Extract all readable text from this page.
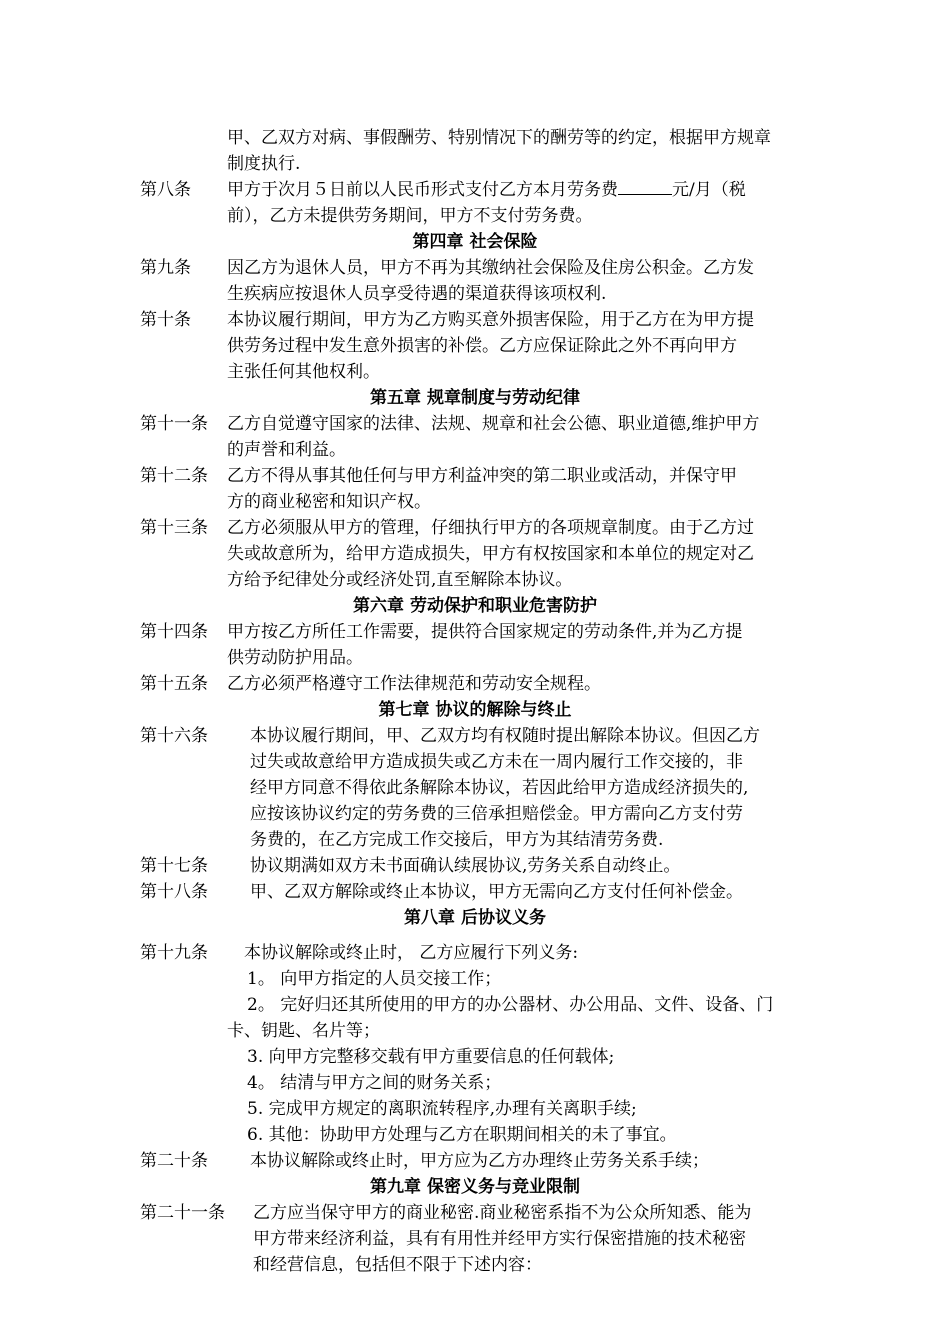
甲、乙双方对病、事假酬劳、特别情况下的酬劳等的约定，根据甲方规章
制度执行.
第八条 甲方于次月５日前以人民币形式支付乙方本月劳务费	元/月（税
前），乙方未提供劳务期间，甲方不支付劳务费。
第四章 社会保险
第九条 因乙方为退休人员，甲方不再为其缴纳社会保险及住房公积金。乙方发
生疾病应按退休人员享受待遇的渠道获得该项权利.
第十条 本协议履行期间，甲方为乙方购买意外损害保险，用于乙方在为甲方提
供劳务过程中发生意外损害的补偿。乙方应保证除此之外不再向甲方
主张任何其他权利。
第五章 规章制度与劳动纪律
第十一条 乙方自觉遵守国家的法律、法规、规章和社会公德、职业道德,维护甲方
的声誉和利益。
第十二条 乙方不得从事其他任何与甲方利益冲突的第二职业或活动，并保守甲
方的商业秘密和知识产权。
第十三条 乙方必须服从甲方的管理，仔细执行甲方的各项规章制度。由于乙方过
失或故意所为，给甲方造成损失，甲方有权按国家和本单位的规定对乙
方给予纪律处分或经济处罚,直至解除本协议。
第六章 劳动保护和职业危害防护
第十四条 甲方按乙方所任工作需要，提供符合国家规定的劳动条件,并为乙方提
供劳动防护用品。
第十五条 乙方必须严格遵守工作法律规范和劳动安全规程。
第七章 协议的解除与终止
第十六条 本协议履行期间，甲、乙双方均有权随时提出解除本协议。但因乙方
过失或故意给甲方造成损失或乙方未在一周内履行工作交接的，非
经甲方同意不得依此条解除本协议，若因此给甲方造成经济损失的,
应按该协议约定的劳务费的三倍承担赔偿金。甲方需向乙方支付劳
务费的，在乙方完成工作交接后，甲方为其结清劳务费.
第十七条 协议期满如双方未书面确认续展协议,劳务关系自动终止。
第十八条 甲、乙双方解除或终止本协议，甲方无需向乙方支付任何补偿金。
第八章 后协议义务
第十九条 本协议解除或终止时， 乙方应履行下列义务:
1。 向甲方指定的人员交接工作；
2。 完好归还其所使用的甲方的办公器材、办公用品、文件、设备、门
卡、钥匙、名片等；
3. 向甲方完整移交载有甲方重要信息的任何载体;
4。 结清与甲方之间的财务关系；
5. 完成甲方规定的离职流转程序,办理有关离职手续;
6. 其他：协助甲方处理与乙方在职期间相关的未了事宜。
第二十条 本协议解除或终止时，甲方应为乙方办理终止劳务关系手续；
第九章 保密义务与竞业限制
第二十一条 乙方应当保守甲方的商业秘密.商业秘密系指不为公众所知悉、能为
甲方带来经济利益，具有有用性并经甲方实行保密措施的技术秘密
和经营信息，包括但不限于下述内容：
